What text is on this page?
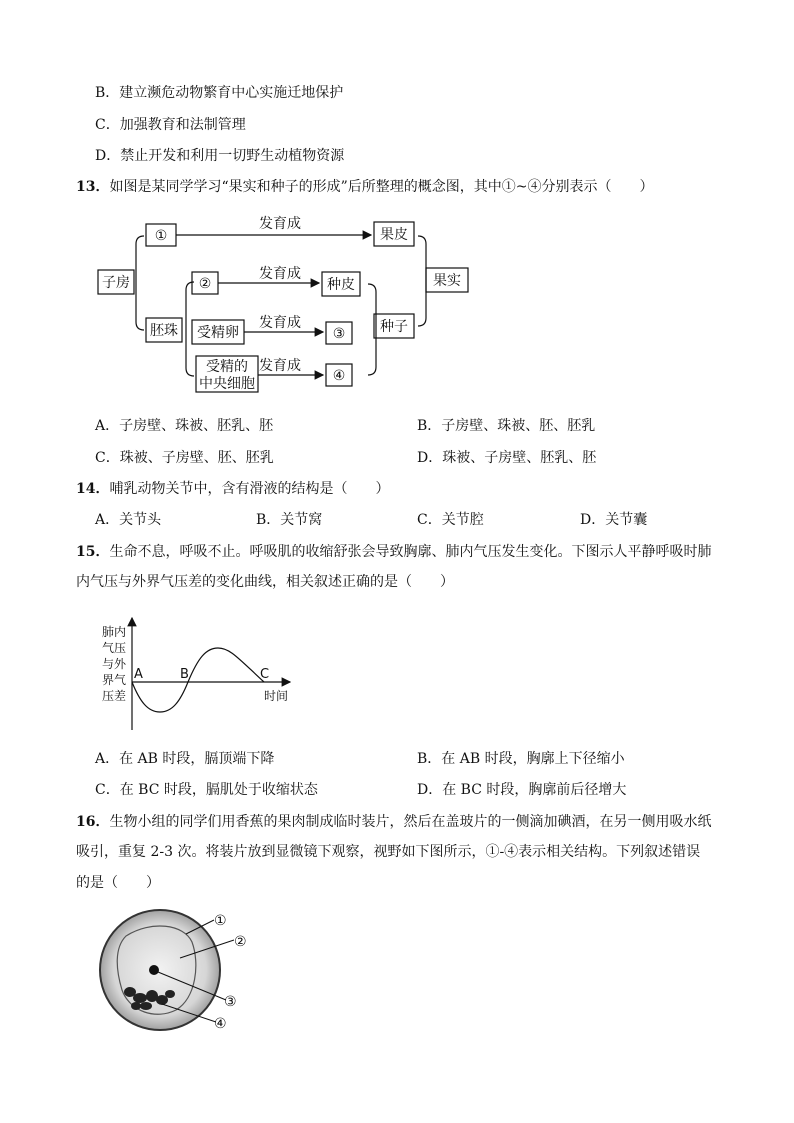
B．建立濒危动物繁育中心实施迁地保护
C．加强教育和法制管理
D．禁止开发和利用一切野生动植物资源
13．如图是某同学学习“果实和种子的形成”后所整理的概念图，其中①~④分别表示（　　）
子房
①
胚珠
②
受精卵
受精的
中央细胞
果皮
种皮
③
④
种子
果实
发育成
发育成
发育成
发育成
A．子房壁、珠被、胚乳、胚	B．子房壁、珠被、胚、胚乳
C．珠被、子房壁、胚、胚乳	D．珠被、子房壁、胚乳、胚
14．哺乳动物关节中，含有滑液的结构是（　　）
A．关节头	B．关节窝	C．关节腔	D．关节囊
15．生命不息，呼吸不止。呼吸肌的收缩舒张会导致胸廓、肺内气压发生变化。下图示人平静呼吸时肺
内气压与外界气压差的变化曲线，相关叙述正确的是（　　）
肺内
气压
与外
界气
压差	时间
A	B	C
A．在 AB 时段，膈顶端下降	B．在 AB 时段，胸廓上下径缩小
C．在 BC 时段，膈肌处于收缩状态	D．在 BC 时段，胸廓前后径增大
16．生物小组的同学们用香蕉的果肉制成临时装片，然后在盖玻片的一侧滴加碘酒，在另一侧用吸水纸
吸引，重复 2-3 次。将装片放到显微镜下观察，视野如下图所示，①-④表示相关结构。下列叙述错误
的是（　　）
①
②
③
④
